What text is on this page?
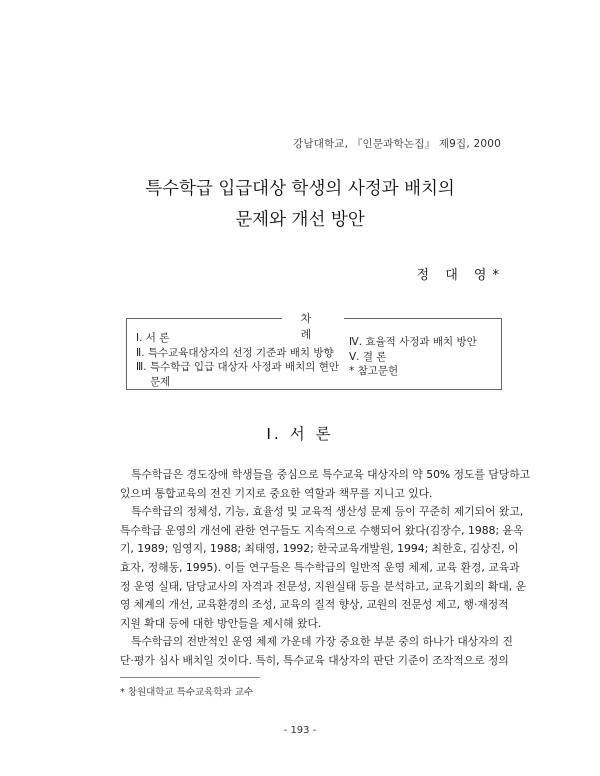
강남대학교, 『인문과학논집』 제9집, 2000
특수학급 입급대상 학생의 사정과 배치의
문제와 개선 방안
정 대 영*
차 례
Ⅰ. 서 론
Ⅱ. 특수교육대상자의 선정 기준과 배치 방향
Ⅲ. 특수학급 입급 대상자 사정과 배치의 현안
문제
Ⅳ. 효율적 사정과 배치 방안
Ⅴ. 결 론
* 참고문헌
Ⅰ. 서 론

특수학급은 경도장애 학생들을 중심으로 특수교육 대상자의 약 50% 정도를 담당하고

있으며 통합교육의 전진 기지로 중요한 역할과 책무를 지니고 있다.

특수학급의 정체성, 기능, 효율성 및 교육적 생산성 문제 등이 꾸준히 제기되어 왔고,

특수학급 운영의 개선에 관한 연구들도 지속적으로 수행되어 왔다(김장수, 1988; 윤옥

기, 1989; 임영지, 1988; 최태영, 1992; 한국교육개발원, 1994; 최한호, 김상진, 이

효자, 정해동, 1995). 이들 연구들은 특수학급의 일반적 운영 체제, 교육 환경, 교육과

정 운영 실태, 담당교사의 자격과 전문성, 지원실태 등을 분석하고, 교육기회의 확대, 운

영 체계의 개선, 교육환경의 조성, 교육의 질적 향상, 교원의 전문성 제고, 행·재정적

지원 확대 등에 대한 방안들을 제시해 왔다.

특수학급의 전반적인 운영 체제 가운데 가장 중요한 부분 중의 하나가 대상자의 진

단·평가 심사 배치일 것이다. 특히, 특수교육 대상자의 판단 기준이 조작적으로 정의

* 창원대학교 특수교육학과 교수
- 193 -
